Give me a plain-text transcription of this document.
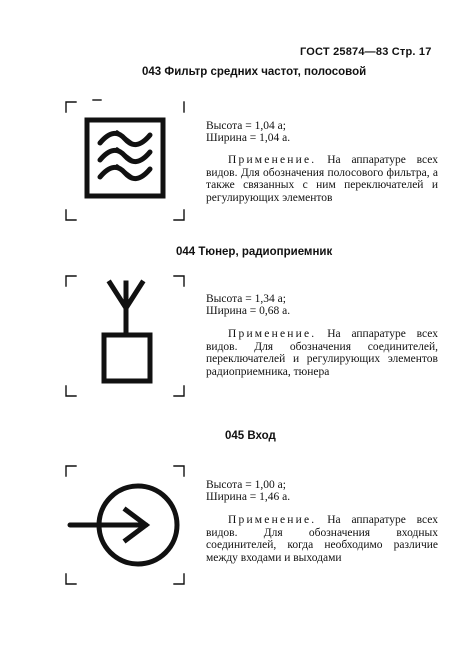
ГОСТ 25874—83 Стр. 17
043 Фильтр средних частот, полосовой
Высота = 1,04 a;
Ширина = 1,04 a.
Применение. На аппаратуре всех видов. Для обозначения полосового фильтра, а также связанных с ним переключателей и регулирующих элементов
044 Тюнер, радиоприемник
Высота = 1,34 a;
Ширина = 0,68 a.
Применение. На аппаратуре всех видов. Для обозначения соединителей, переключателей и регулирующих элементов радиоприемника, тюнера
045 Вход
Высота = 1,00 a;
Ширина = 1,46 a.
Применение. На аппаратуре всех видов. Для обозначения входных соединителей, когда необходимо различие между входами и выходами
